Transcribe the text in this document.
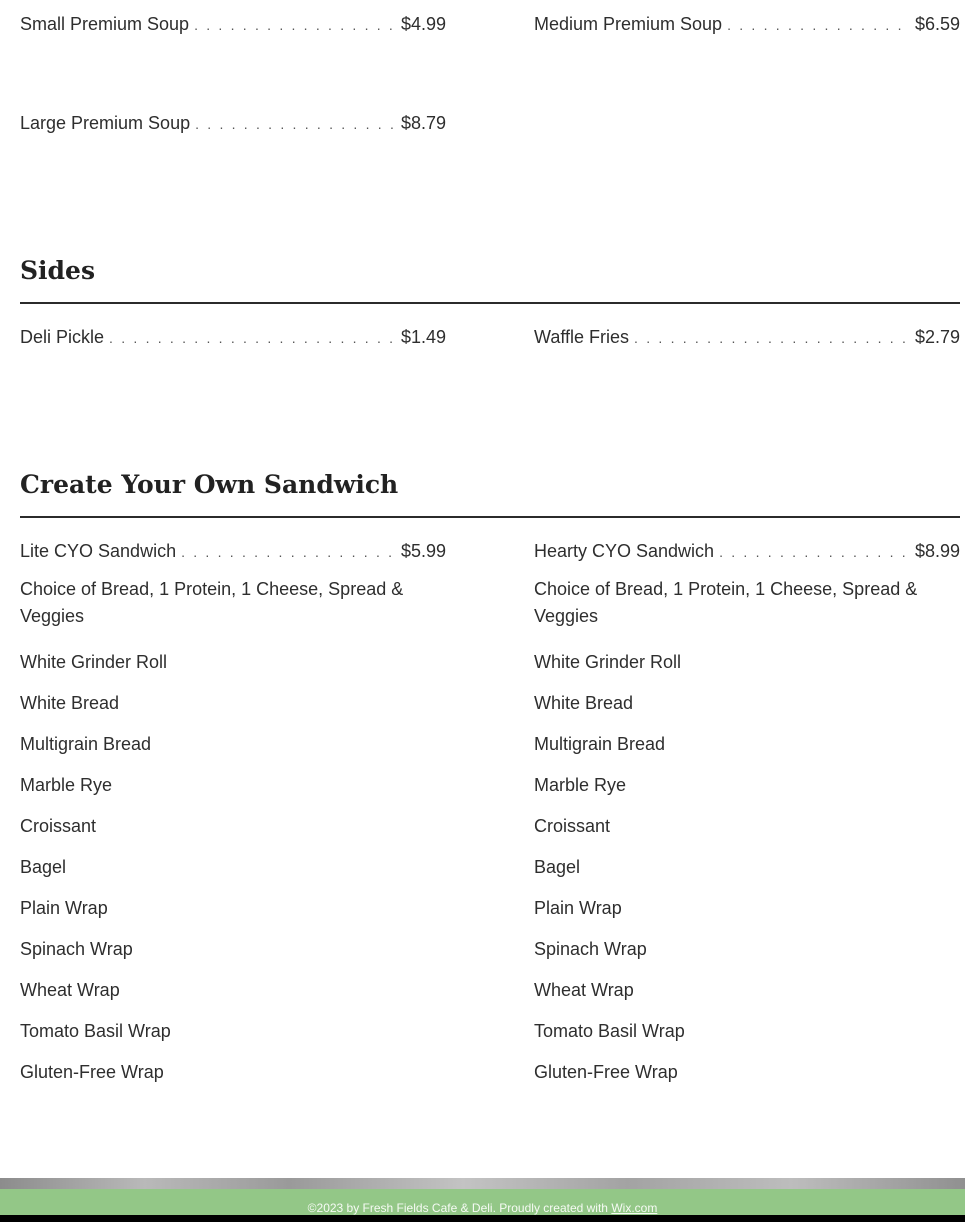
Small Premium Soup . . .	$4.99	Medium Premium Soup . . .	$6.59
Large Premium Soup . . .	$8.79
Sides
Deli Pickle . . .	$1.49	Waffle Fries . . .	$2.79
Create Your Own Sandwich
Lite CYO Sandwich . . .	$5.99	Hearty CYO Sandwich . . .	$8.99
Choice of Bread, 1 Protein, 1 Cheese, Spread & Veggies
Choice of Bread, 1 Protein, 1 Cheese, Spread & Veggies
White Grinder Roll
White Bread
Multigrain Bread
Marble Rye
Croissant
Bagel
Plain Wrap
Spinach Wrap
Wheat Wrap
Tomato Basil Wrap
Gluten-Free Wrap
White Grinder Roll
White Bread
Multigrain Bread
Marble Rye
Croissant
Bagel
Plain Wrap
Spinach Wrap
Wheat Wrap
Tomato Basil Wrap
Gluten-Free Wrap
©2023 by Fresh Fields Cafe & Deli. Proudly created with Wix.com
